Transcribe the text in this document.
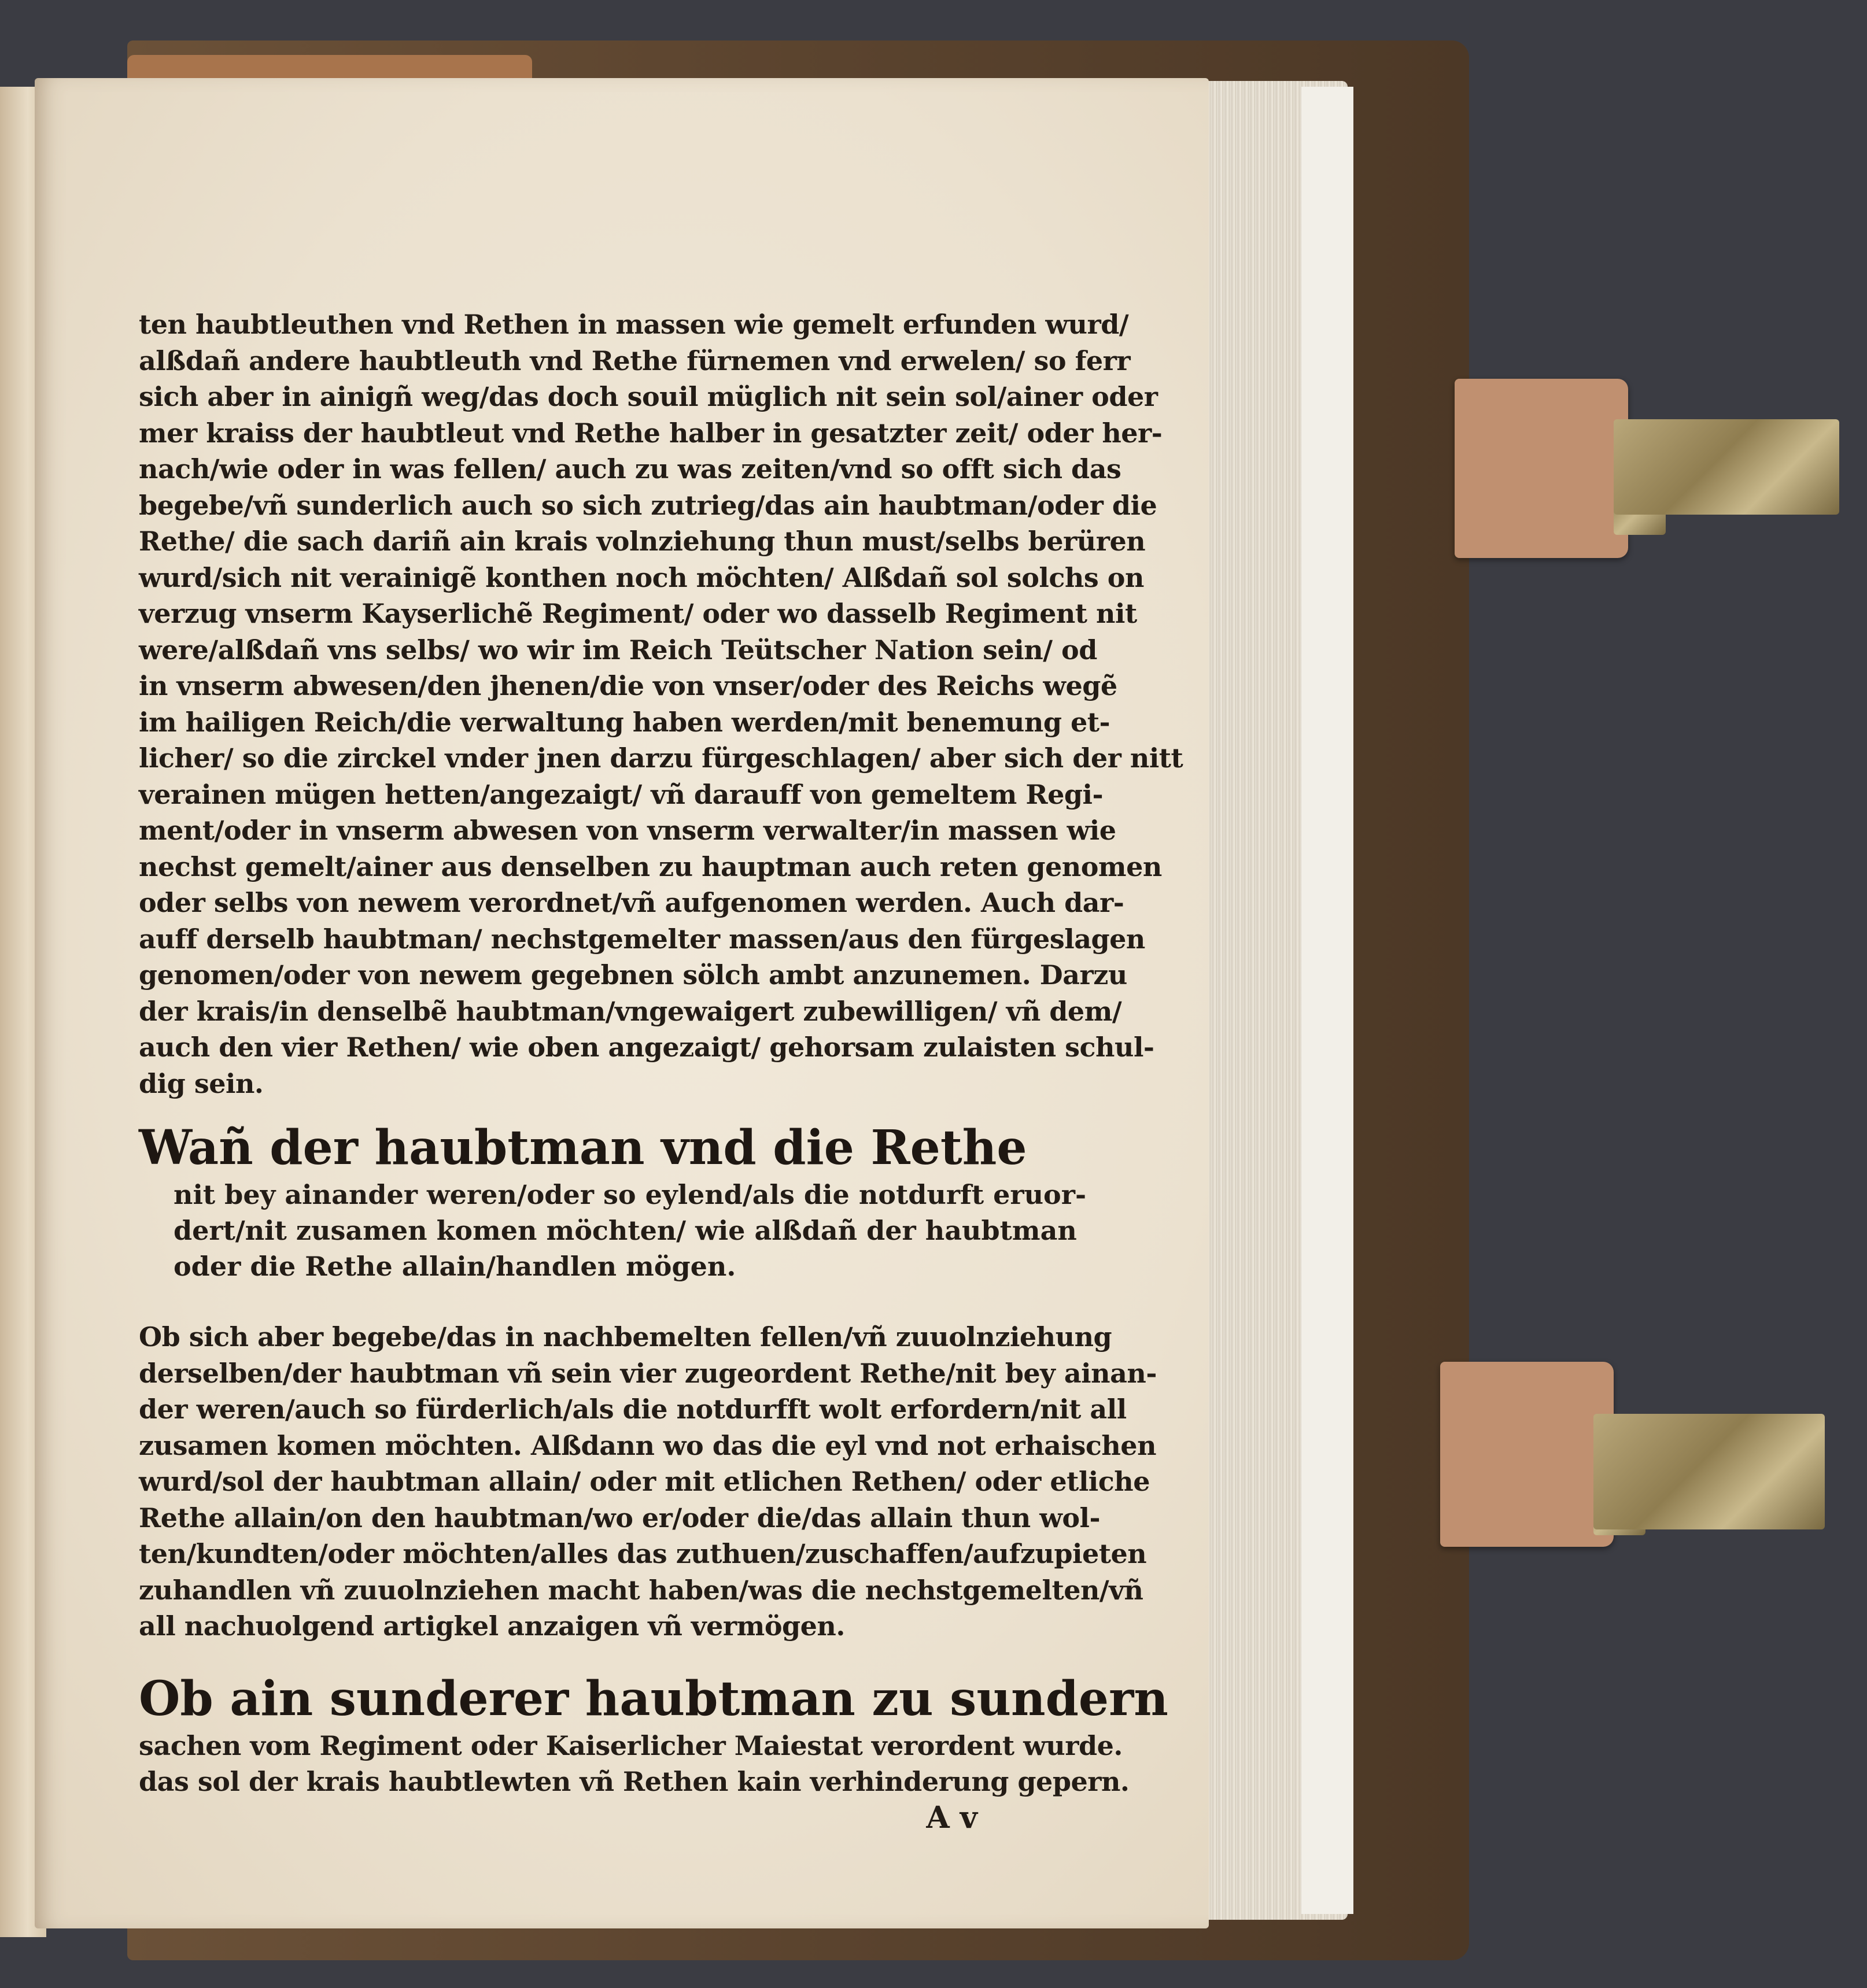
ten haubtleuthen vnd Rethen in massen wie gemelt erfunden wurd/
alßdañ andere haubtleuth vnd Rethe fürnemen vnd erwelen/ so ferr
sich aber in ainigñ weg/das doch souil müglich nit sein sol/ainer oder
mer kraiss der haubtleut vnd Rethe halber in gesatzter zeit/ oder her-
nach/wie oder in was fellen/ auch zu was zeiten/vnd so offt sich das
begebe/vñ sunderlich auch so sich zutrieg/das ain haubtman/oder die
Rethe/ die sach dariñ ain krais volnziehung thun must/selbs berüren
wurd/sich nit verainigẽ konthen noch möchten/ Alßdañ sol solchs on
verzug vnserm Kayserlichẽ Regiment/ oder wo dasselb Regiment nit
were/alßdañ vns selbs/ wo wir im Reich Teütscher Nation sein/ od
in vnserm abwesen/den jhenen/die von vnser/oder des Reichs wegẽ
im hailigen Reich/die verwaltung haben werden/mit benemung et-
licher/ so die zirckel vnder jnen darzu fürgeschlagen/ aber sich der nitt
verainen mügen hetten/angezaigt/ vñ darauff von gemeltem Regi-
ment/oder in vnserm abwesen von vnserm verwalter/in massen wie
nechst gemelt/ainer aus denselben zu hauptman auch reten genomen
oder selbs von newem verordnet/vñ aufgenomen werden. Auch dar-
auff derselb haubtman/ nechstgemelter massen/aus den fürgeslagen
genomen/oder von newem gegebnen sölch ambt anzunemen. Darzu
der krais/in denselbẽ haubtman/vngewaigert zubewilligen/ vñ dem/
auch den vier Rethen/ wie oben angezaigt/ gehorsam zulaisten schul-
dig sein.
Wañ der haubtman vnd die Rethe
nit bey ainander weren/oder so eylend/als die notdurft eruor-
dert/nit zusamen komen möchten/ wie alßdañ der haubtman
oder die Rethe allain/handlen mögen.
Ob sich aber begebe/das in nachbemelten fellen/vñ zuuolnziehung
derselben/der haubtman vñ sein vier zugeordent Rethe/nit bey ainan-
der weren/auch so fürderlich/als die notdurfft wolt erfordern/nit all
zusamen komen möchten. Alßdann wo das die eyl vnd not erhaischen
wurd/sol der haubtman allain/ oder mit etlichen Rethen/ oder etliche
Rethe allain/on den haubtman/wo er/oder die/das allain thun wol-
ten/kundten/oder möchten/alles das zuthuen/zuschaffen/aufzupieten
zuhandlen vñ zuuolnziehen macht haben/was die nechstgemelten/vñ
all nachuolgend artigkel anzaigen vñ vermögen.
Ob ain sunderer haubtman zu sundern
sachen vom Regiment oder Kaiserlicher Maiestat verordent wurde.
das sol der krais haubtlewten vñ Rethen kain verhinderung gepern.
A v
